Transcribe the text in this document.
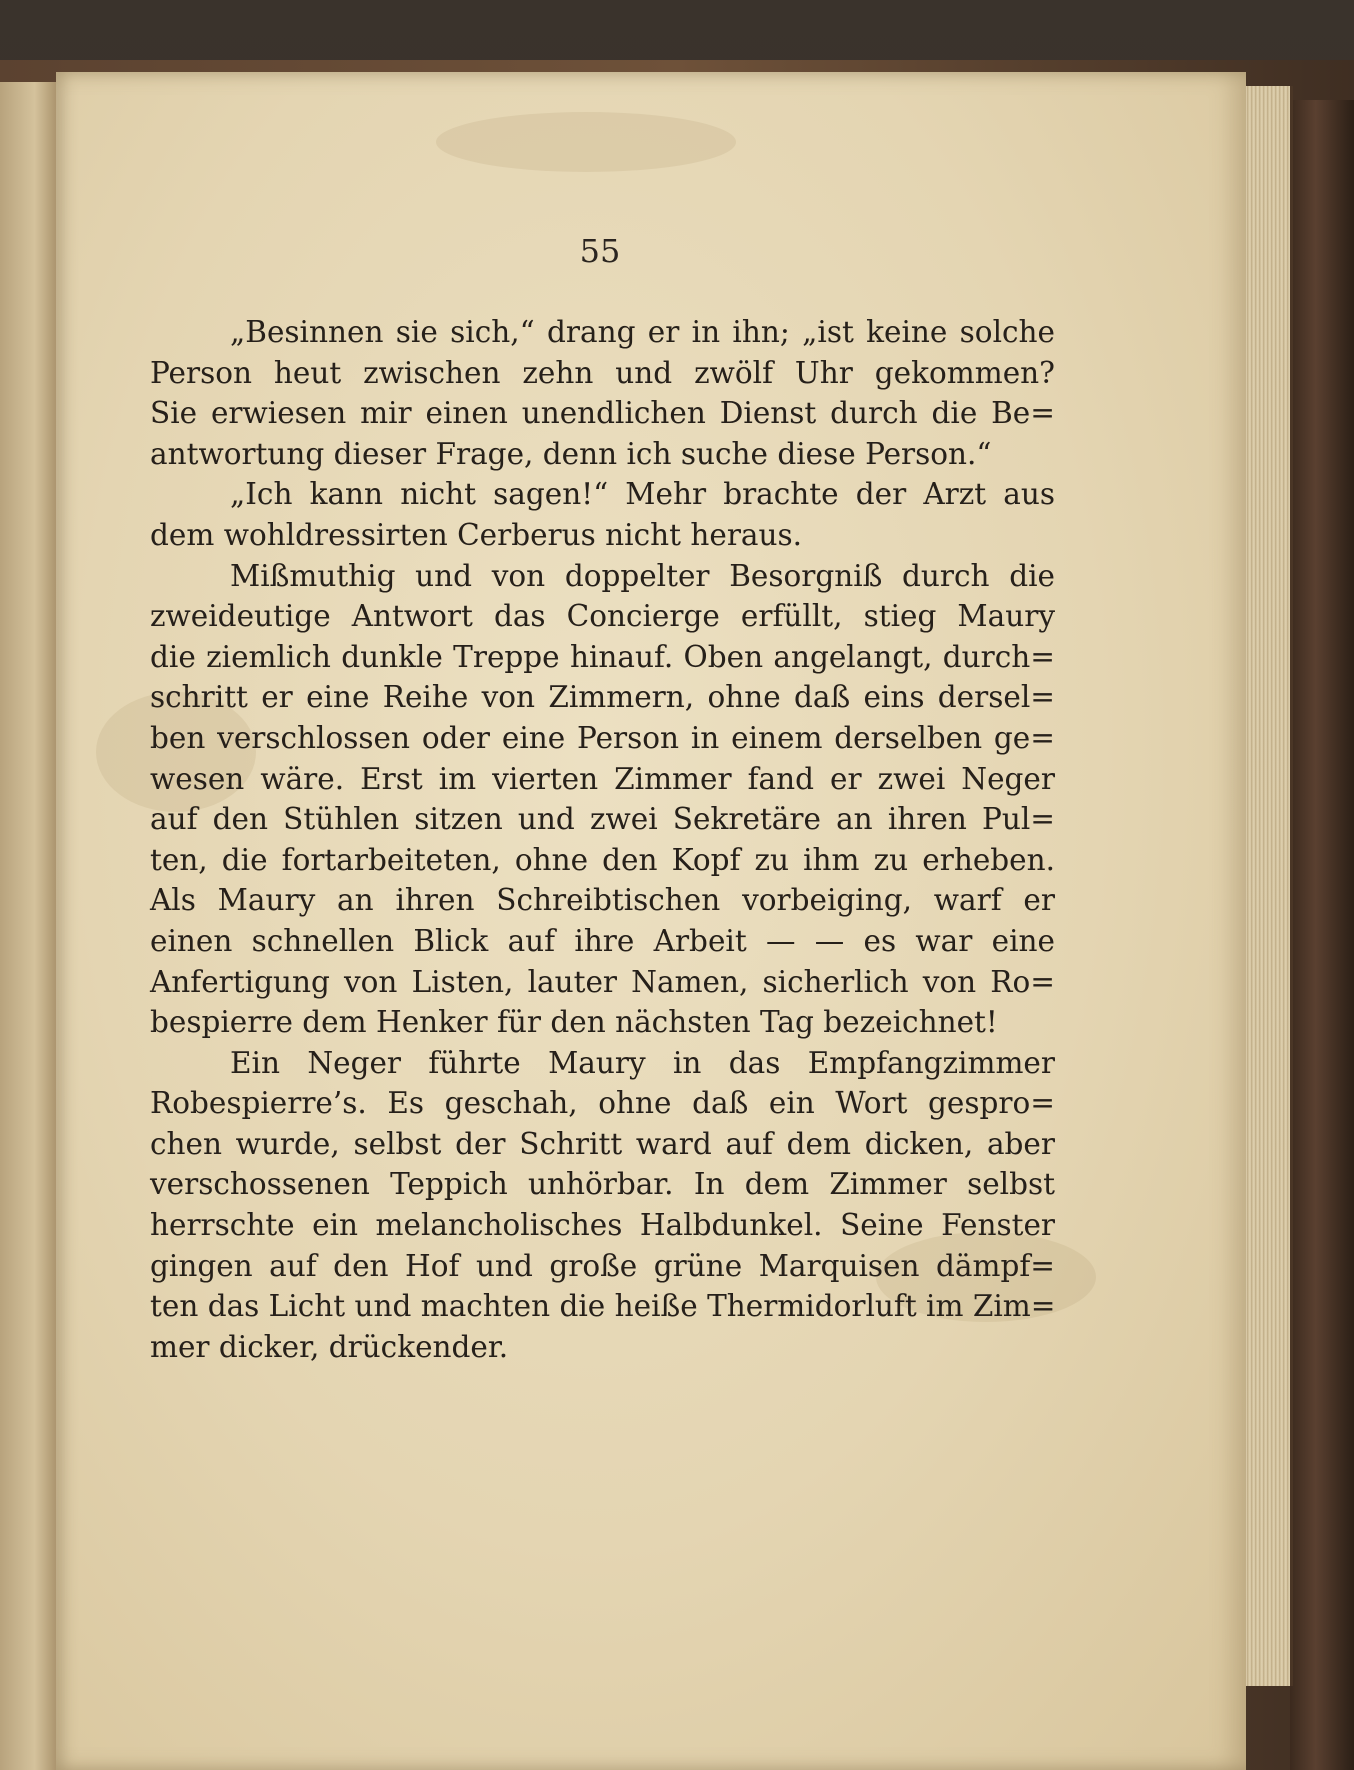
55
„Besinnen sie sich,“ drang er in ihn; „ist keine solche
Person heut zwischen zehn und zwölf Uhr gekommen?
Sie erwiesen mir einen unendlichen Dienst durch die Be=
antwortung dieser Frage, denn ich suche diese Person.“
„Ich kann nicht sagen!“ Mehr brachte der Arzt aus
dem wohldressirten Cerberus nicht heraus.
Mißmuthig und von doppelter Besorgniß durch die
zweideutige Antwort das Concierge erfüllt, stieg Maury
die ziemlich dunkle Treppe hinauf. Oben angelangt, durch=
schritt er eine Reihe von Zimmern, ohne daß eins dersel=
ben verschlossen oder eine Person in einem derselben ge=
wesen wäre. Erst im vierten Zimmer fand er zwei Neger
auf den Stühlen sitzen und zwei Sekretäre an ihren Pul=
ten, die fortarbeiteten, ohne den Kopf zu ihm zu erheben.
Als Maury an ihren Schreibtischen vorbeiging, warf er
einen schnellen Blick auf ihre Arbeit — — es war eine
Anfertigung von Listen, lauter Namen, sicherlich von Ro=
bespierre dem Henker für den nächsten Tag bezeichnet!
Ein Neger führte Maury in das Empfangzimmer
Robespierre’s. Es geschah, ohne daß ein Wort gespro=
chen wurde, selbst der Schritt ward auf dem dicken, aber
verschossenen Teppich unhörbar. In dem Zimmer selbst
herrschte ein melancholisches Halbdunkel. Seine Fenster
gingen auf den Hof und große grüne Marquisen dämpf=
ten das Licht und machten die heiße Thermidorluft im Zim=
mer dicker, drückender.
